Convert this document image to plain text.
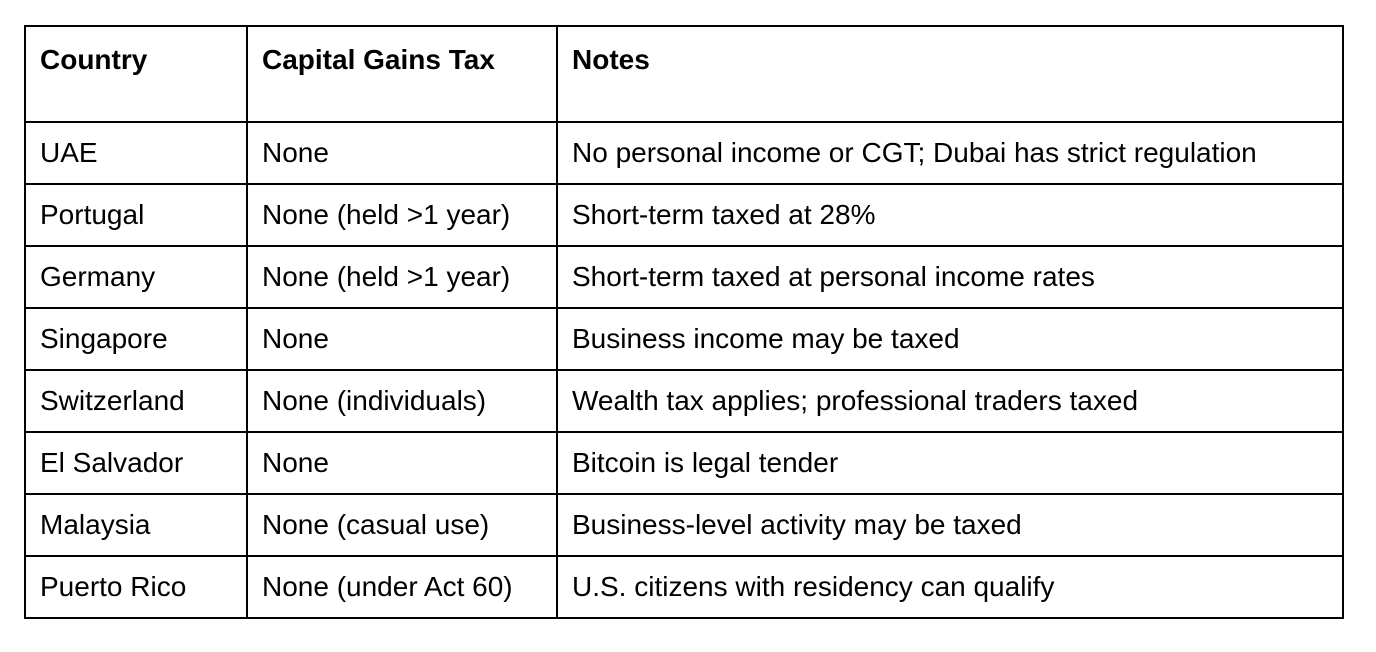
Country	Capital Gains Tax	Notes
UAE	None	No personal income or CGT; Dubai has strict regulation
Portugal	None (held >1 year)	Short-term taxed at 28%
Germany	None (held >1 year)	Short-term taxed at personal income rates
Singapore	None	Business income may be taxed
Switzerland	None (individuals)	Wealth tax applies; professional traders taxed
El Salvador	None	Bitcoin is legal tender
Malaysia	None (casual use)	Business-level activity may be taxed
Puerto Rico	None (under Act 60)	U.S. citizens with residency can qualify
